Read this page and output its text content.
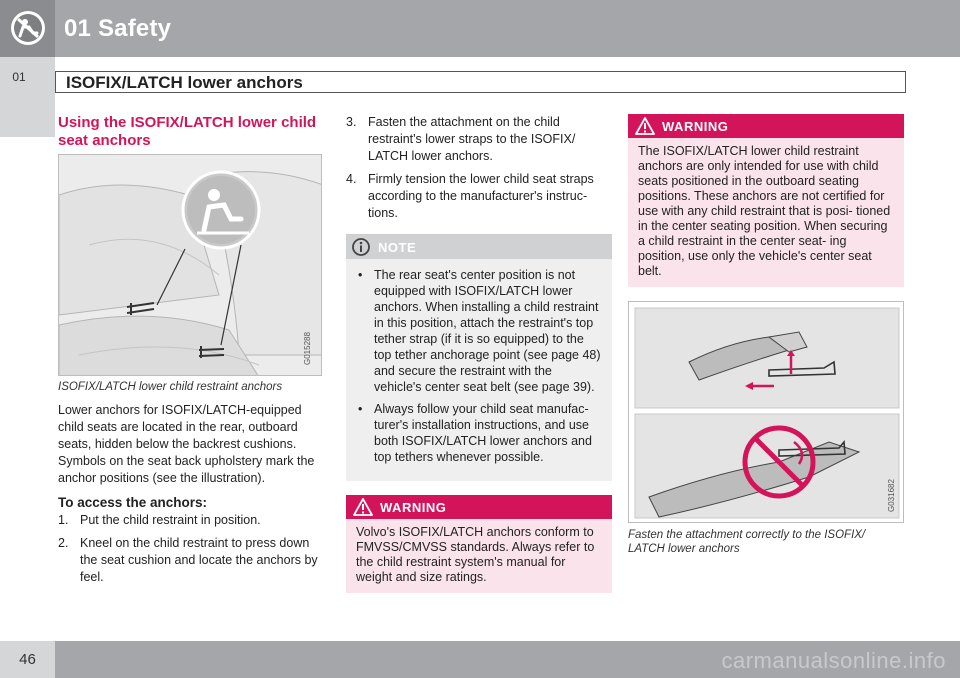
01 Safety
01	ISOFIX/LATCH lower anchors
Using the ISOFIX/LATCH lower child seat anchors
G015288
ISOFIX/LATCH lower child restraint anchors
Lower anchors for ISOFIX/LATCH-equipped child seats are located in the rear, outboard seats, hidden below the backrest cushions. Symbols on the seat back upholstery mark the anchor positions (see the illustration).
To access the anchors:
1. Put the child restraint in position.
2. Kneel on the child restraint to press down the seat cushion and locate the anchors by feel.
3. Fasten the attachment on the child restraint's lower straps to the ISOFIX/ LATCH lower anchors.
4. Firmly tension the lower child seat straps according to the manufacturer's instruc- tions.
NOTE
• The rear seat's center position is not equipped with ISOFIX/LATCH lower anchors. When installing a child restraint in this position, attach the restraint's top tether strap (if it is so equipped) to the top tether anchorage point (see page 48) and secure the restraint with the vehicle's center seat belt (see page 39).
• Always follow your child seat manufac- turer's installation instructions, and use both ISOFIX/LATCH lower anchors and top tethers whenever possible.
WARNING
Volvo's ISOFIX/LATCH anchors conform to FMVSS/CMVSS standards. Always refer to the child restraint system's manual for weight and size ratings.
WARNING
The ISOFIX/LATCH lower child restraint anchors are only intended for use with child seats positioned in the outboard seating positions. These anchors are not certified for use with any child restraint that is posi- tioned in the center seating position. When securing a child restraint in the center seat- ing position, use only the vehicle's center seat belt.
G031682
Fasten the attachment correctly to the ISOFIX/ LATCH lower anchors
46	carmanualsonline.info
